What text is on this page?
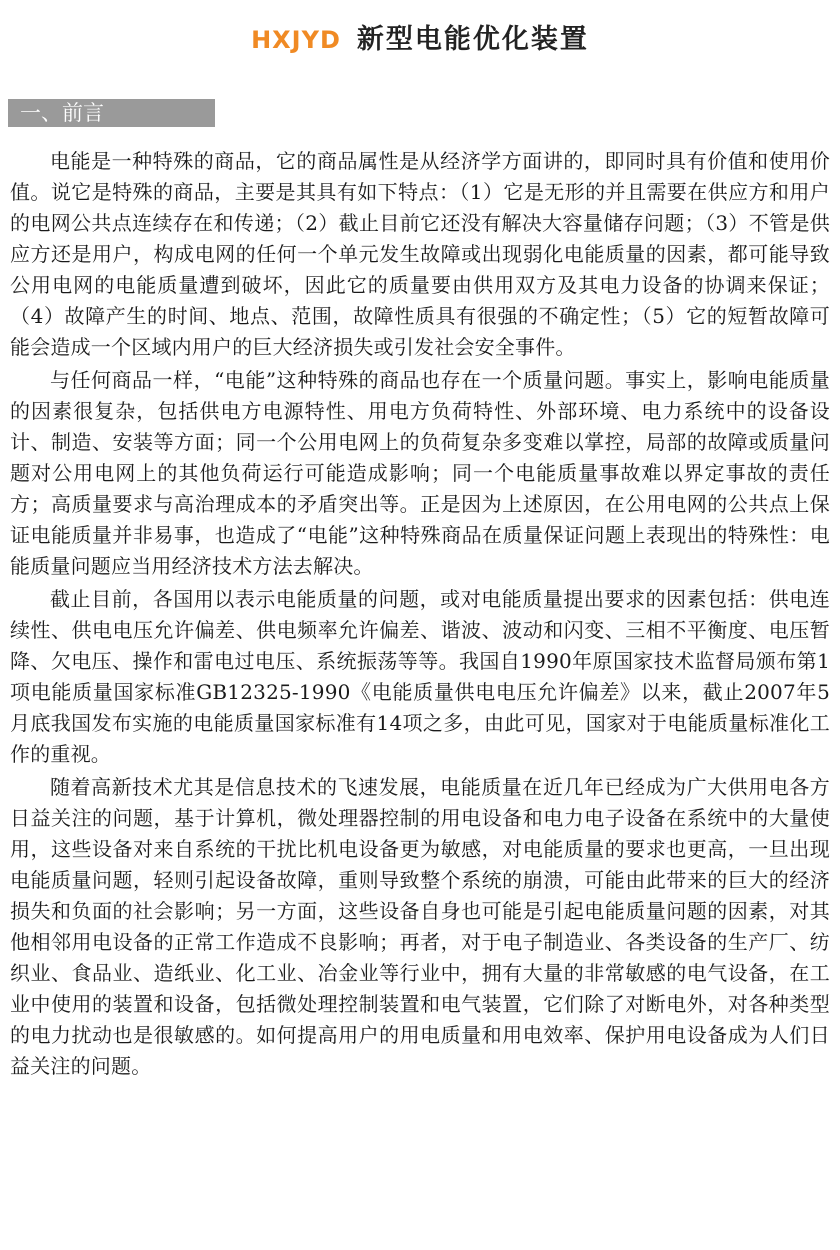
HXJYD 新型电能优化装置
一、前言

电能是一种特殊的商品，它的商品属性是从经济学方面讲的，即同时具有价值和使用价值。说它是特殊的商品，主要是其具有如下特点：（1）它是无形的并且需要在供应方和用户的电网公共点连续存在和传递；（2）截止目前它还没有解决大容量储存问题；（3）不管是供应方还是用户，构成电网的任何一个单元发生故障或出现弱化电能质量的因素，都可能导致公用电网的电能质量遭到破坏，因此它的质量要由供用双方及其电力设备的协调来保证；（4）故障产生的时间、地点、范围，故障性质具有很强的不确定性；（5）它的短暂故障可能会造成一个区域内用户的巨大经济损失或引发社会安全事件。

与任何商品一样，“电能”这种特殊的商品也存在一个质量问题。事实上，影响电能质量的因素很复杂，包括供电方电源特性、用电方负荷特性、外部环境、电力系统中的设备设计、制造、安装等方面；同一个公用电网上的负荷复杂多变难以掌控，局部的故障或质量问题对公用电网上的其他负荷运行可能造成影响；同一个电能质量事故难以界定事故的责任方；高质量要求与高治理成本的矛盾突出等。正是因为上述原因，在公用电网的公共点上保证电能质量并非易事，也造成了“电能”这种特殊商品在质量保证问题上表现出的特殊性：电能质量问题应当用经济技术方法去解决。

截止目前，各国用以表示电能质量的问题，或对电能质量提出要求的因素包括：供电连续性、供电电压允许偏差、供电频率允许偏差、谐波、波动和闪变、三相不平衡度、电压暂降、欠电压、操作和雷电过电压、系统振荡等等。我国自1990年原国家技术监督局颁布第1项电能质量国家标准GB12325-1990《电能质量供电电压允许偏差》以来，截止2007年5月底我国发布实施的电能质量国家标准有14项之多，由此可见，国家对于电能质量标准化工作的重视。

随着高新技术尤其是信息技术的飞速发展，电能质量在近几年已经成为广大供用电各方日益关注的问题，基于计算机，微处理器控制的用电设备和电力电子设备在系统中的大量使用，这些设备对来自系统的干扰比机电设备更为敏感，对电能质量的要求也更高，一旦出现电能质量问题，轻则引起设备故障，重则导致整个系统的崩溃，可能由此带来的巨大的经济损失和负面的社会影响；另一方面，这些设备自身也可能是引起电能质量问题的因素，对其他相邻用电设备的正常工作造成不良影响；再者，对于电子制造业、各类设备的生产厂、纺织业、食品业、造纸业、化工业、冶金业等行业中，拥有大量的非常敏感的电气设备，在工业中使用的装置和设备，包括微处理控制装置和电气装置，它们除了对断电外，对各种类型的电力扰动也是很敏感的。如何提高用户的用电质量和用电效率、保护用电设备成为人们日益关注的问题。
